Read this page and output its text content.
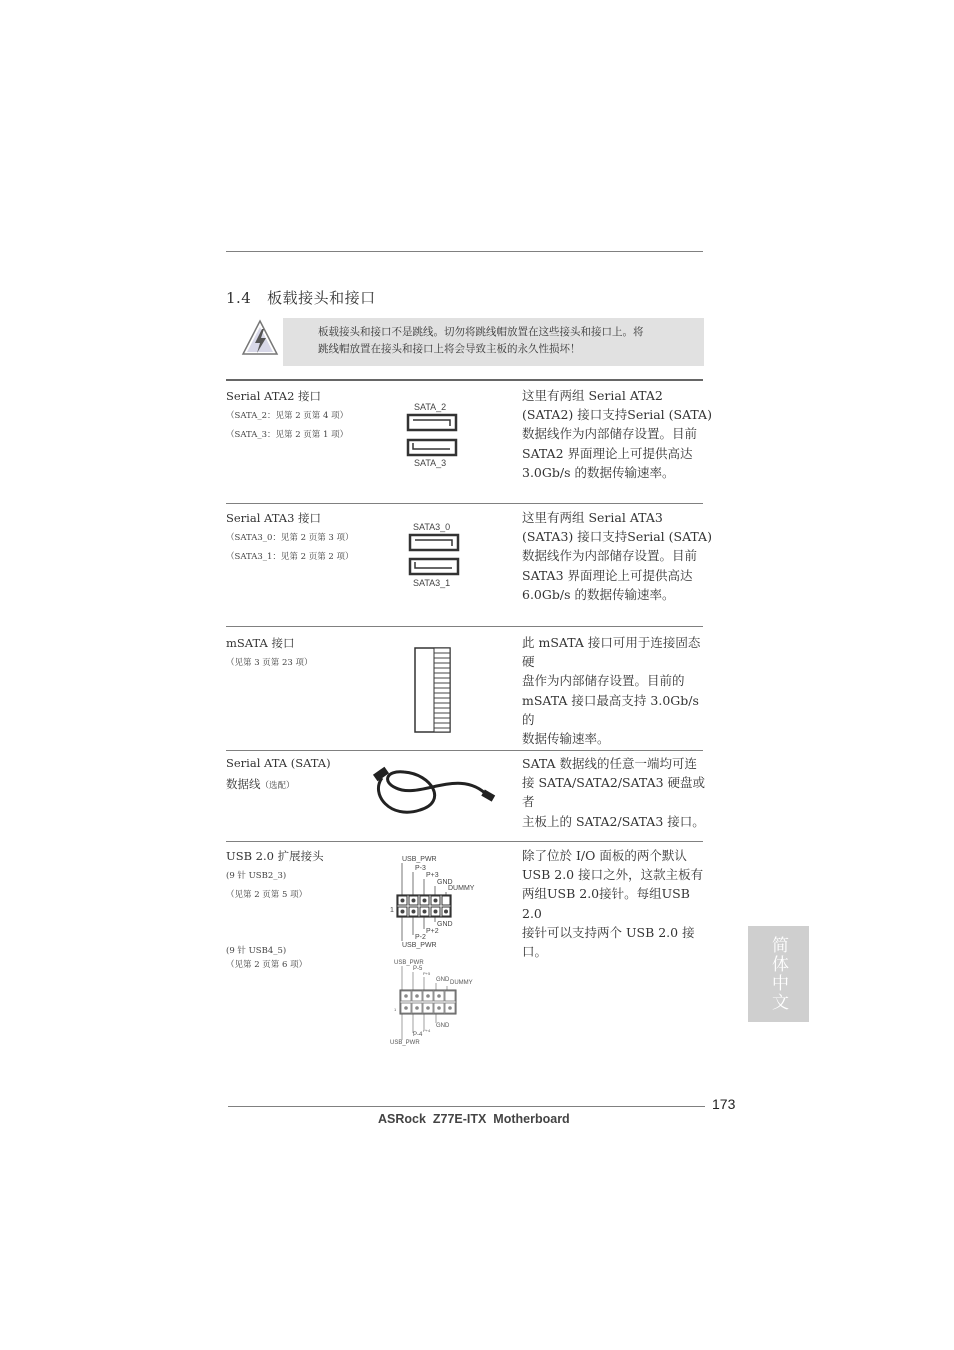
1.4 板载接头和接口
板载接头和接口不是跳线。切勿将跳线帽放置在这些接头和接口上。将
跳线帽放置在接头和接口上将会导致主板的永久性损坏！
Serial ATA2 接口
（SATA_2：见第 2 页第 4 项）
（SATA_3：见第 2 页第 1 项）
SATA_2
SATA_3
这里有两组 Serial ATA2
(SATA2) 接口支持Serial (SATA)
数据线作为内部储存设置。目前
SATA2 界面理论上可提供高达
3.0Gb/s 的数据传输速率。
Serial ATA3 接口
（SATA3_0：见第 2 页第 3 项）
（SATA3_1：见第 2 页第 2 项）
SATA3_0
SATA3_1
这里有两组 Serial ATA3
(SATA3) 接口支持Serial (SATA)
数据线作为内部储存设置。目前
SATA3 界面理论上可提供高达
6.0Gb/s 的数据传输速率。
mSATA 接口
（见第 3 页第 23 项）
此 mSATA 接口可用于连接固态硬
盘作为内部储存设置。目前的
mSATA 接口最高支持 3.0Gb/s 的
数据传输速率。
Serial ATA (SATA)
数据线（选配）
SATA 数据线的任意一端均可连
接 SATA/SATA2/SATA3 硬盘或者
主板上的 SATA2/SATA3 接口。
USB 2.0 扩展接头
(9 针 USB2_3)
（见第 2 页第 5 项）
(9 针 USB4_5)
（见第 2 页第 6 项）
USB_PWR
P-3
P+3
GND
DUMMY
1
GND
P+2
P-2
USB_PWR
USB_PWR
P-5
P+5
GND DUMMY
1
GND
P+4
P-4
USB_PWR
除了位於 I/O 面板的两个默认
USB 2.0 接口之外，这款主板有
两组USB 2.0接针。每组USB 2.0
接针可以支持两个 USB 2.0 接
口。	简体中文
173
ASRock  Z77E-ITX  Motherboard
